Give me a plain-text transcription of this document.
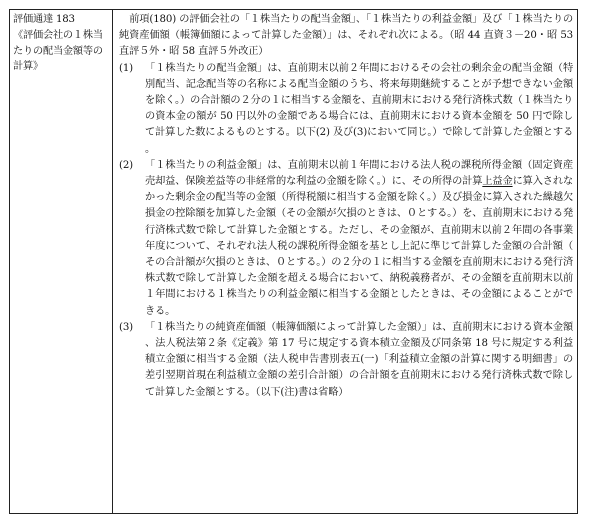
評価通達 183
《評価会社の１株当たりの配当金額等の計算》

前項(180) の評価会社の「１株当たりの配当金額」、「１株当たりの利益金額」及び「１株当たりの純資産価額（帳簿価額によって計算した金額）」は、それぞれ次による。（昭 44 直資３－20・昭 53 直評５外・昭 58 直評５外改正）

(1)	「１株当たりの配当金額」は、直前期末以前２年間におけるその会社の剰余金の配当金額（特別配当、記念配当等の名称による配当金額のうち、将来毎期継続することが予想できない金額を除く。）の合計額の２分の１に相当する金額を、直前期末における発行済株式数（１株当たりの資本金の額が 50 円以外の金額である場合には、直前期末における資本金額を 50 円で除して計算した数によるものとする。以下(2) 及び(3)において同じ。）で除して計算した金額とする。

(2)	「１株当たりの利益金額」は、直前期末以前１年間における法人税の課税所得金額（固定資産売却益、保険差益等の非経常的な利益の金額を除く。）に、その所得の計算上益金に算入されなかった剰余金の配当等の金額（所得税額に相当する金額を除く。）及び損金に算入された繰越欠損金の控除額を加算した金額（その金額が欠損のときは、０とする。）を、直前期末における発行済株式数で除して計算した金額とする。ただし、その金額が、直前期末以前２年間の各事業年度について、それぞれ法人税の課税所得金額を基とし上記に準じて計算した金額の合計額（その合計額が欠損のときは、０とする。）の２分の１に相当する金額を直前期末における発行済株式数で除して計算した金額を超える場合において、納税義務者が、その金額を直前期末以前１年間における１株当たりの利益金額に相当する金額としたときは、その金額によることができる。

(3)	「１株当たりの純資産価額（帳簿価額によって計算した金額）」は、直前期末における資本金額、法人税法第２条《定義》第 17 号に規定する資本積立金額及び同条第 18 号に規定する利益積立金額に相当する金額（法人税申告書別表五(一)「利益積立金額の計算に関する明細書」の差引翌期首現在利益積立金額の差引合計額）の合計額を直前期末における発行済株式数で除して計算した金額とする。（以下(注)書は省略）
